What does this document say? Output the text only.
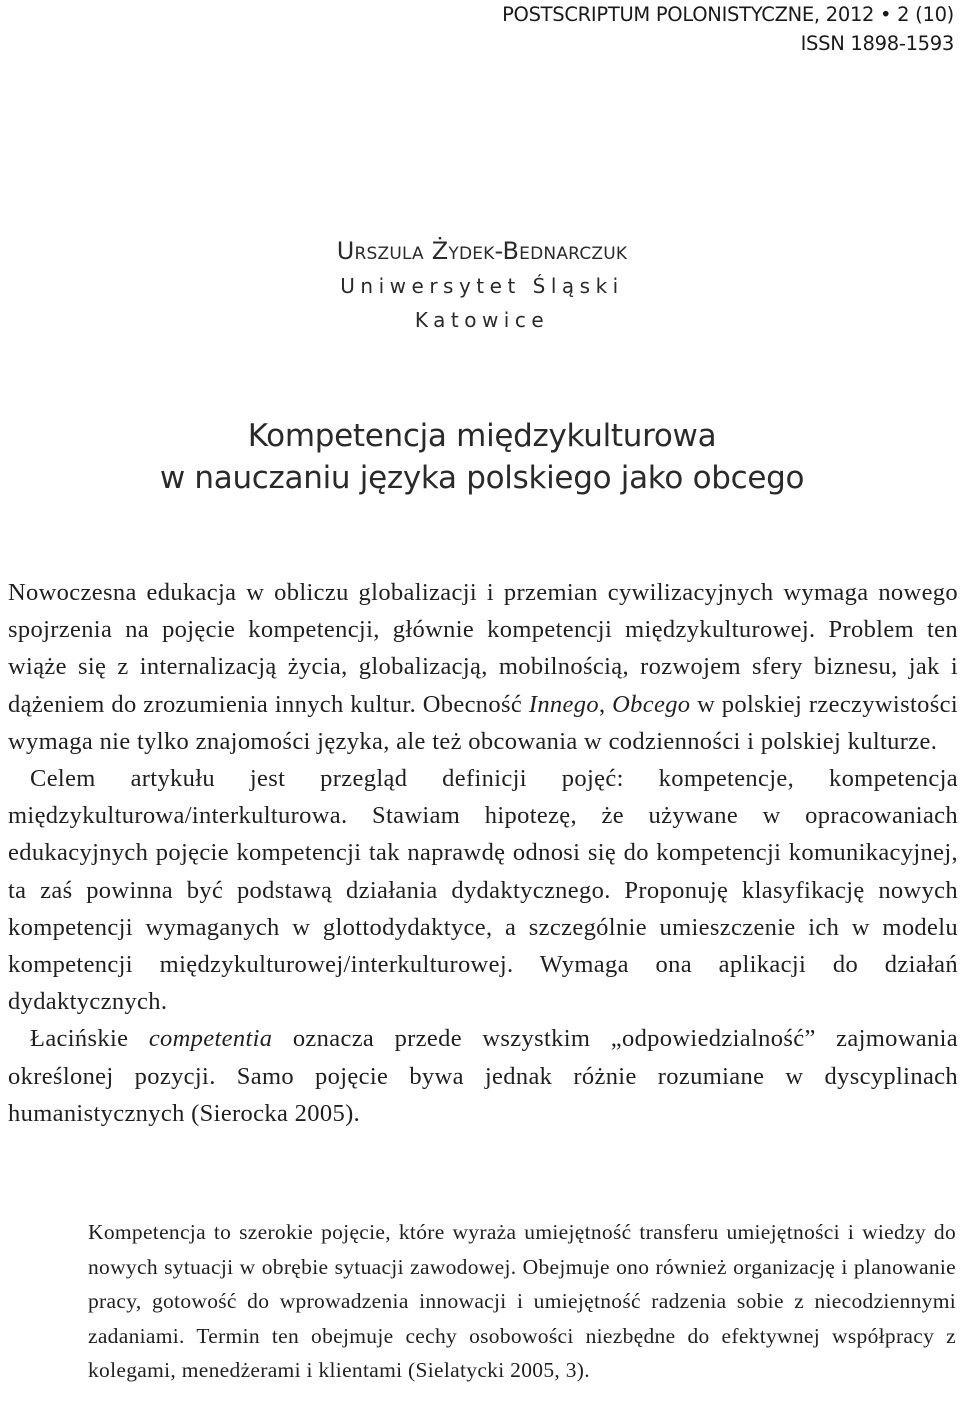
POSTSCRIPTUM POLONISTYCZNE, 2012 • 2 (10)
ISSN 1898-1593
Urszula Żydek-Bednarczuk
Uniwersytet Śląski
Katowice
Kompetencja międzykulturowa
w nauczaniu języka polskiego jako obcego

Nowoczesna edukacja w obliczu globalizacji i przemian cywilizacyjnych wymaga nowego spojrzenia na pojęcie kompetencji, głównie kompetencji międzykulturowej. Problem ten wiąże się z internalizacją życia, globalizacją, mobilnością, rozwojem sfery biznesu, jak i dążeniem do zrozumienia innych kultur. Obecność Innego, Obcego w polskiej rzeczywistości wymaga nie tylko znajomości języka, ale też obcowania w codzienności i polskiej kulturze.

Celem artykułu jest przegląd definicji pojęć: kompetencje, kompetencja międzykulturowa/interkulturowa. Stawiam hipotezę, że używane w opracowaniach edukacyjnych pojęcie kompetencji tak naprawdę odnosi się do kompetencji komunikacyjnej, ta zaś powinna być podstawą działania dydaktycznego. Proponuję klasyfikację nowych kompetencji wymaganych w glottodydaktyce, a szczególnie umieszczenie ich w modelu kompetencji międzykulturowej/interkulturowej. Wymaga ona aplikacji do działań dydaktycznych.

Łacińskie competentia oznacza przede wszystkim „odpowiedzialność” zajmowania określonej pozycji. Samo pojęcie bywa jednak różnie rozumiane w dyscyplinach humanistycznych (Sierocka 2005).

Kompetencja to szerokie pojęcie, które wyraża umiejętność transferu umiejętności i wiedzy do nowych sytuacji w obrębie sytuacji zawodowej. Obejmuje ono również organizację i planowanie pracy, gotowość do wprowadzenia innowacji i umiejętność radzenia sobie z niecodziennymi zadaniami. Termin ten obejmuje cechy osobowości niezbędne do efektywnej współpracy z kolegami, menedżerami i klientami (Sielatycki 2005, 3).
